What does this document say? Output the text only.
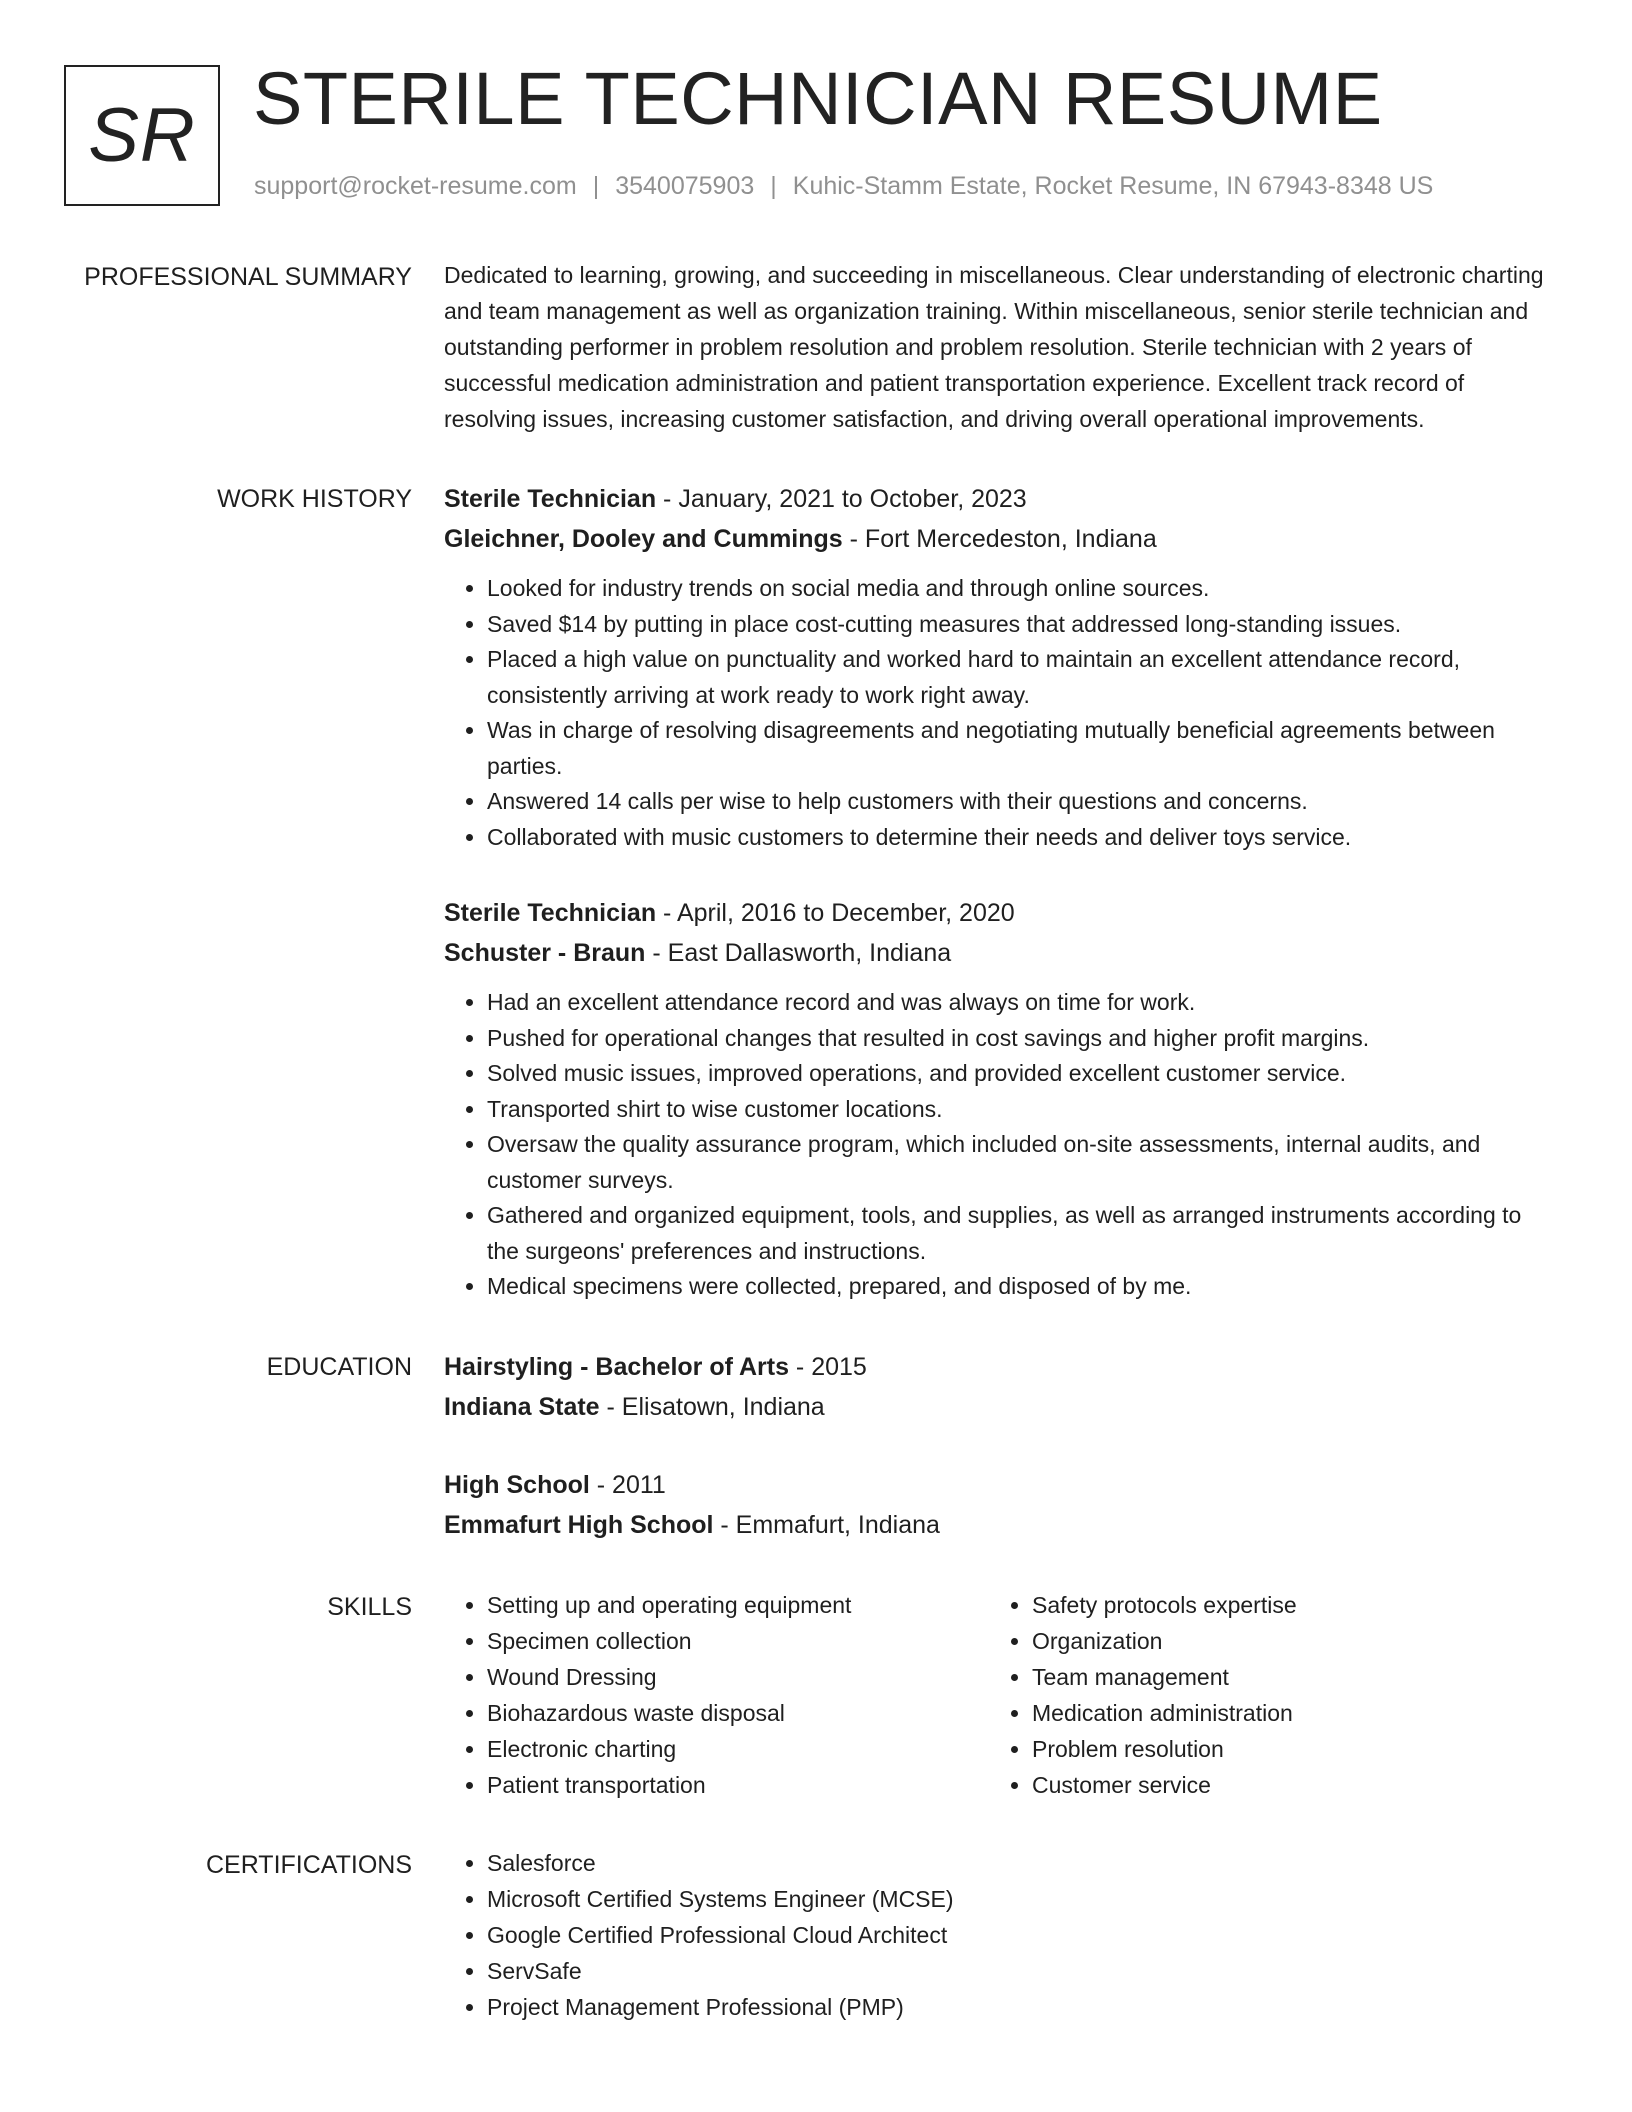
SR STERILE TECHNICIAN RESUME
support@rocket-resume.com | 3540075903 | Kuhic-Stamm Estate, Rocket Resume, IN 67943-8348 US
PROFESSIONAL SUMMARY Dedicated to learning, growing, and succeeding in miscellaneous. Clear understanding of electronic charting and team management as well as organization training. Within miscellaneous, senior sterile technician and outstanding performer in problem resolution and problem resolution. Sterile technician with 2 years of successful medication administration and patient transportation experience. Excellent track record of resolving issues, increasing customer satisfaction, and driving overall operational improvements.

WORK HISTORY Sterile Technician - January, 2021 to October, 2023
Gleichner, Dooley and Cummings - Fort Mercedeston, Indiana
• Looked for industry trends on social media and through online sources.
• Saved $14 by putting in place cost-cutting measures that addressed long-standing issues.
• Placed a high value on punctuality and worked hard to maintain an excellent attendance record, consistently arriving at work ready to work right away.
• Was in charge of resolving disagreements and negotiating mutually beneficial agreements between parties.
• Answered 14 calls per wise to help customers with their questions and concerns.
• Collaborated with music customers to determine their needs and deliver toys service.
Sterile Technician - April, 2016 to December, 2020
Schuster - Braun - East Dallasworth, Indiana
• Had an excellent attendance record and was always on time for work.
• Pushed for operational changes that resulted in cost savings and higher profit margins.
• Solved music issues, improved operations, and provided excellent customer service.
• Transported shirt to wise customer locations.
• Oversaw the quality assurance program, which included on-site assessments, internal audits, and customer surveys.
• Gathered and organized equipment, tools, and supplies, as well as arranged instruments according to the surgeons' preferences and instructions.
• Medical specimens were collected, prepared, and disposed of by me.
EDUCATION Hairstyling - Bachelor of Arts - 2015
Indiana State - Elisatown, Indiana
High School - 2011
Emmafurt High School - Emmafurt, Indiana
SKILLS	• Setting up and operating equipment
• Specimen collection
• Wound Dressing
• Biohazardous waste disposal
• Electronic charting
• Patient transportation
• Safety protocols expertise
• Organization
• Team management
• Medication administration
• Problem resolution
• Customer service
CERTIFICATIONS	• Salesforce
• Microsoft Certified Systems Engineer (MCSE)
• Google Certified Professional Cloud Architect
• ServSafe
• Project Management Professional (PMP)
